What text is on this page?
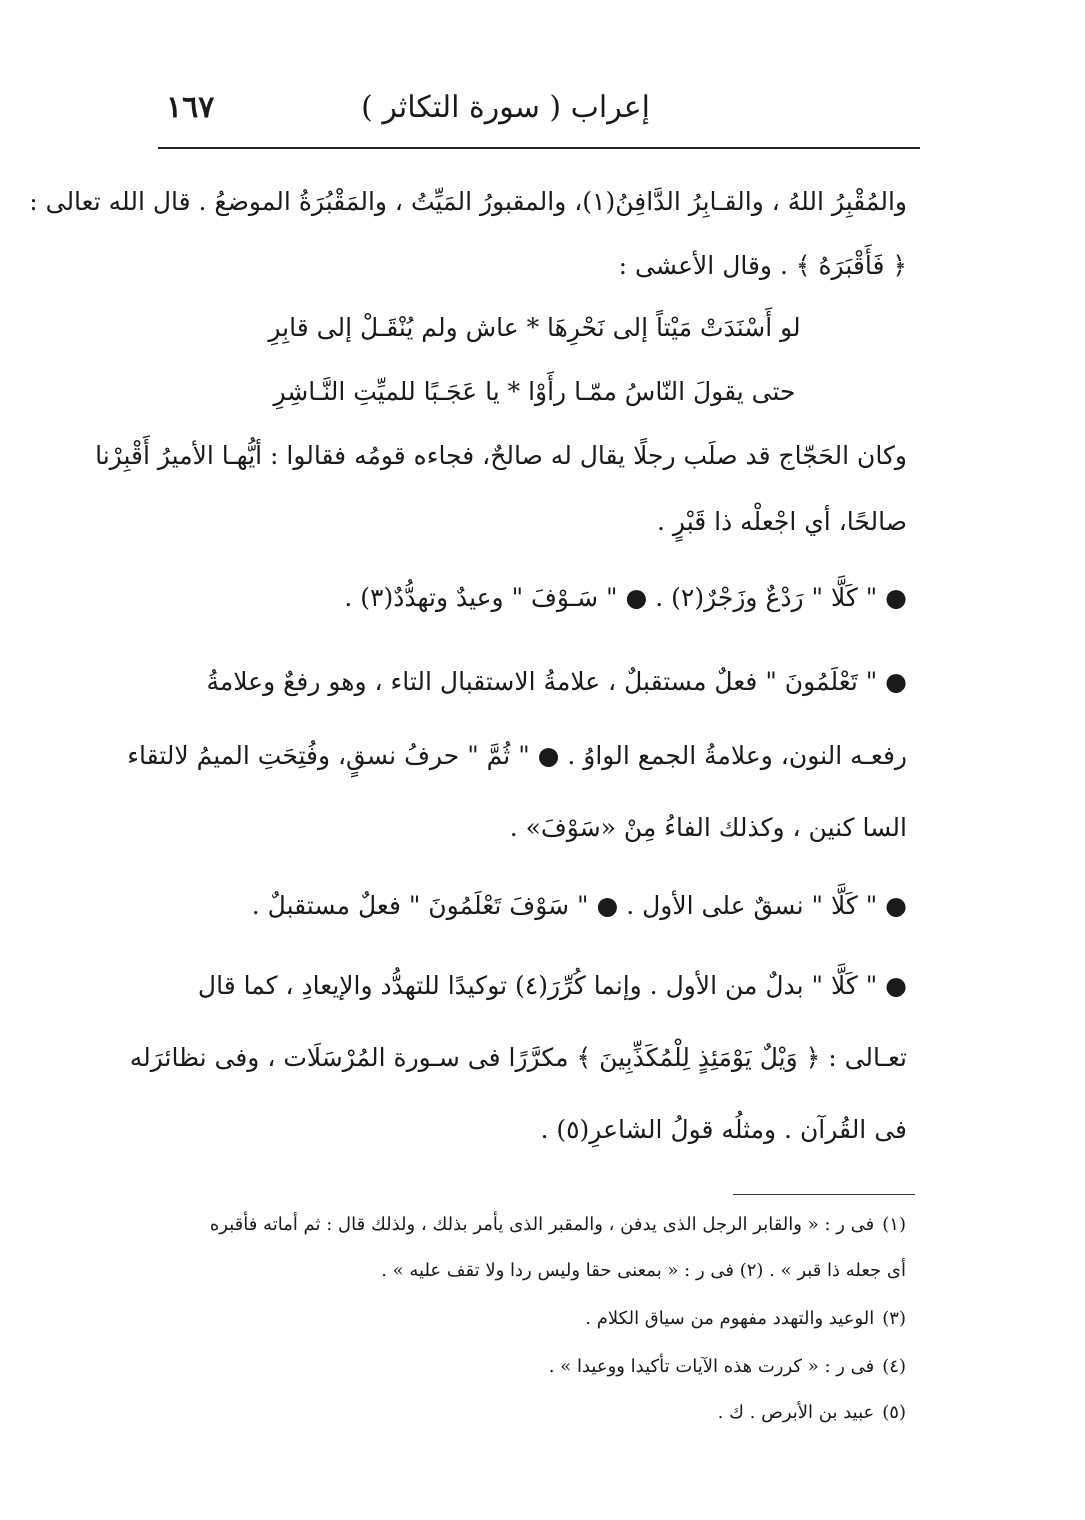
إعراب ( سورة التكاثر )
١٦٧
والمُقْبِرُ اللهُ ، والقـابِرُ الدَّافِنُ(١)، والمقبورُ المَيِّتُ ، والمَقْبُرَةُ الموضعُ . قال الله تعالى :
﴿ فَأَقْبَرَهُ ﴾ . وقال الأعشى :
لو أَسْنَدَتْ مَيْتاً إلى نَحْرِهَا * عاش ولم يُنْقَـلْ إلى قابِرِ
حتى يقولَ النّاسُ ممّـا رأَوْا * يا عَجَـبًا للميِّتِ النَّـاشِرِ
وكان الحَجّاج قد صلَب رجلًا يقال له صالحٌ، فجاءه قومُه فقالوا : أيُّهـا الأميرُ أَقْبِرْنا
صالحًا، أي اجْعلْه ذا قَبْرٍ .
● " كَلَّا " رَدْعٌ وزَجْرٌ(٢) . ● " سَـوْفَ " وعيدٌ وتهدُّدٌ(٣) .
● " تَعْلَمُونَ " فعلٌ مستقبلٌ ، علامةُ الاستقبال التاء ، وهو رفعٌ وعلامةُ
رفعـه النون، وعلامةُ الجمع الواوُ . ● " ثُمَّ " حرفُ نسقٍ، وفُتِحَتِ الميمُ لالتقاء
السا كنين ، وكذلك الفاءُ مِنْ «سَوْفَ» .
● " كَلَّا " نسقٌ على الأول . ● " سَوْفَ تَعْلَمُونَ " فعلٌ مستقبلٌ .
● " كَلَّا " بدلٌ من الأول . وإنما كُرِّرَ(٤) توكيدًا للتهدُّد والإيعادِ ، كما قال
تعـالى : ﴿ وَيْلٌ يَوْمَئِذٍ لِلْمُكَذِّبِينَ ﴾ مكرَّرًا فى سـورة المُرْسَلَات ، وفى نظائرَله
فى القُرآن . ومثلُه قولُ الشاعرِ(٥) .
(١)فى ر : « والقابر الرجل الذى يدفن ، والمقبر الذى يأمر بذلك ، ولذلك قال : ثم أماته فأقبره
أى جعله ذا قبر » . (٢) فى ر : « بمعنى حقا وليس ردا ولا تقف عليه » .
(٣)الوعيد والتهدد مفهوم من سياق الكلام .
(٤)فى ر : « كررت هذه الآيات تأكيدا ووعيدا » .
(٥)عبيد بن الأبرص . ك .
